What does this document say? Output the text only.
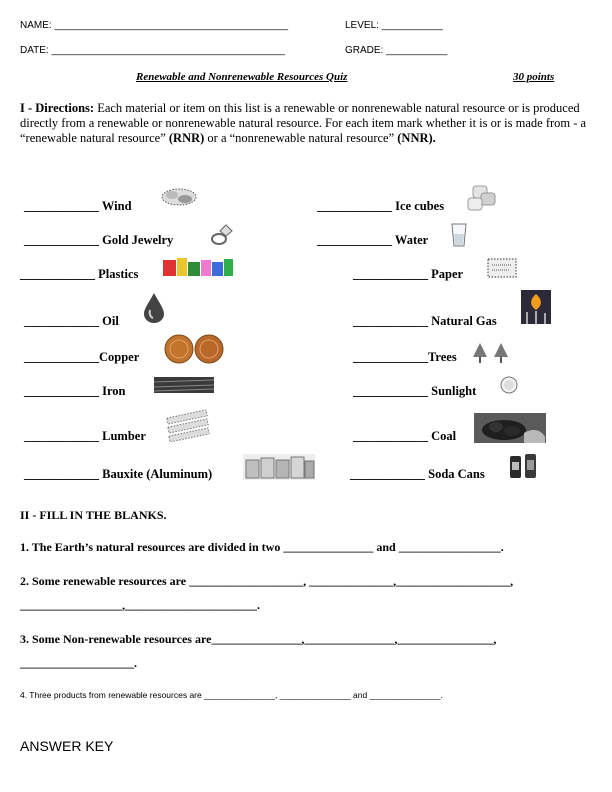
NAME: __________________________________________	LEVEL: ___________
DATE: __________________________________________	GRADE: ___________
Renewable and Nonrenewable Resources Quiz	30 points
I - Directions: Each material or item on this list is a renewable or nonrenewable natural resource or is produced directly from a renewable or nonrenewable natural resource. For each item mark whether it is or is made from - a “renewable natural resource” (RNR) or a “nonrenewable natural resource” (NNR).
____________ Wind
____________ Gold Jewelry
____________ Plastics
____________ Oil
____________Copper
____________ Iron
____________ Lumber
____________ Bauxite (Aluminum)
____________ Ice cubes
____________ Water
____________ Paper
____________ Natural Gas
____________Trees
____________ Sunlight
____________ Coal
____________ Soda Cans
II - FILL IN THE BLANKS.
1. The Earth’s natural resources are divided in two _______________ and _________________.
2. Some renewable resources are ___________________, ______________,___________________,
_________________,______________________.
3. Some Non-renewable resources are_______________,_______________,________________,
___________________.
4. Three products from renewable resources are _______________, _______________ and _______________.
ANSWER KEY
